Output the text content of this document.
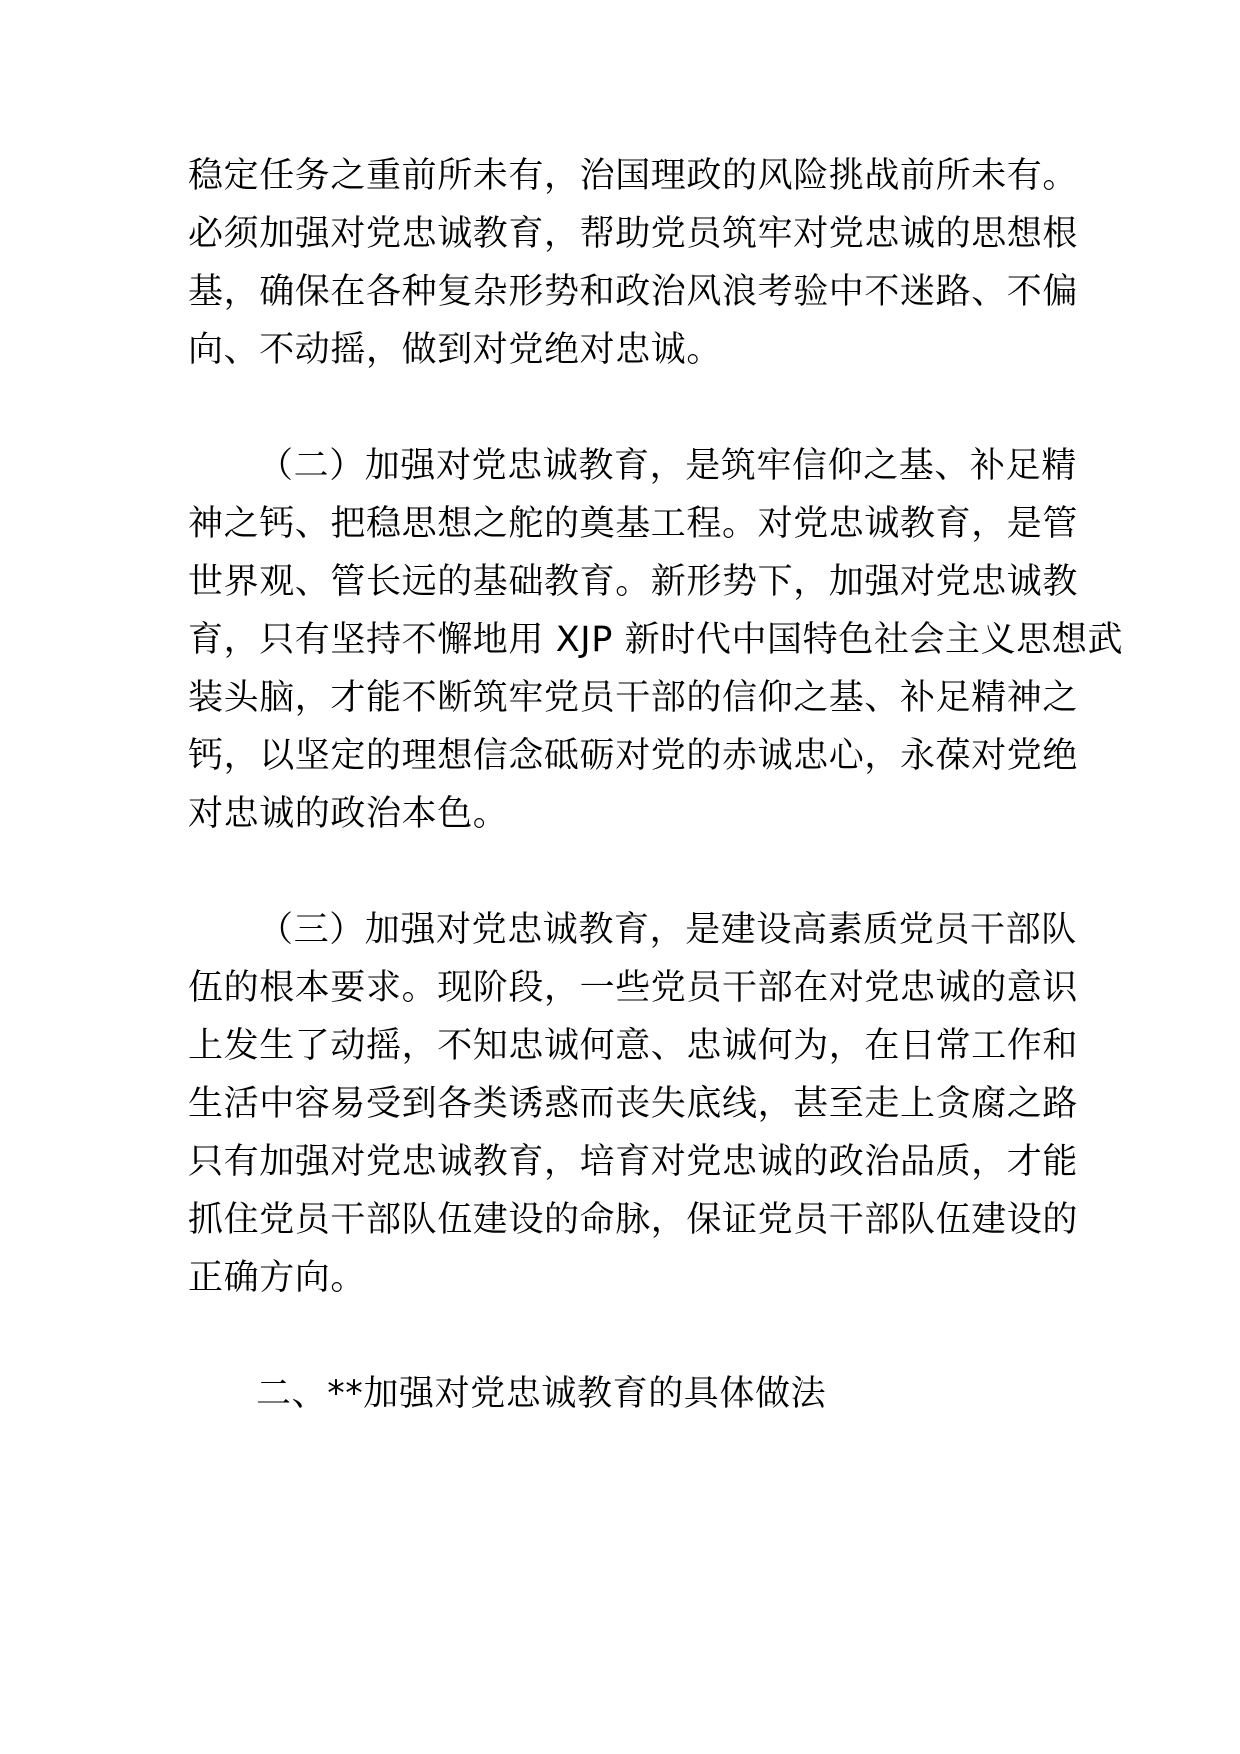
稳定任务之重前所未有，治国理政的风险挑战前所未有。
必须加强对党忠诚教育，帮助党员筑牢对党忠诚的思想根
基，确保在各种复杂形势和政治风浪考验中不迷路、不偏
向、不动摇，做到对党绝对忠诚。
（二）加强对党忠诚教育，是筑牢信仰之基、补足精
神之钙、把稳思想之舵的奠基工程。对党忠诚教育，是管
世界观、管长远的基础教育。新形势下，加强对党忠诚教
育，只有坚持不懈地用 XJP 新时代中国特色社会主义思想武
装头脑，才能不断筑牢党员干部的信仰之基、补足精神之
钙，以坚定的理想信念砥砺对党的赤诚忠心，永葆对党绝
对忠诚的政治本色。
（三）加强对党忠诚教育，是建设高素质党员干部队
伍的根本要求。现阶段，一些党员干部在对党忠诚的意识
上发生了动摇，不知忠诚何意、忠诚何为，在日常工作和
生活中容易受到各类诱惑而丧失底线，甚至走上贪腐之路
只有加强对党忠诚教育，培育对党忠诚的政治品质，才能
抓住党员干部队伍建设的命脉，保证党员干部队伍建设的
正确方向。
二、**加强对党忠诚教育的具体做法
